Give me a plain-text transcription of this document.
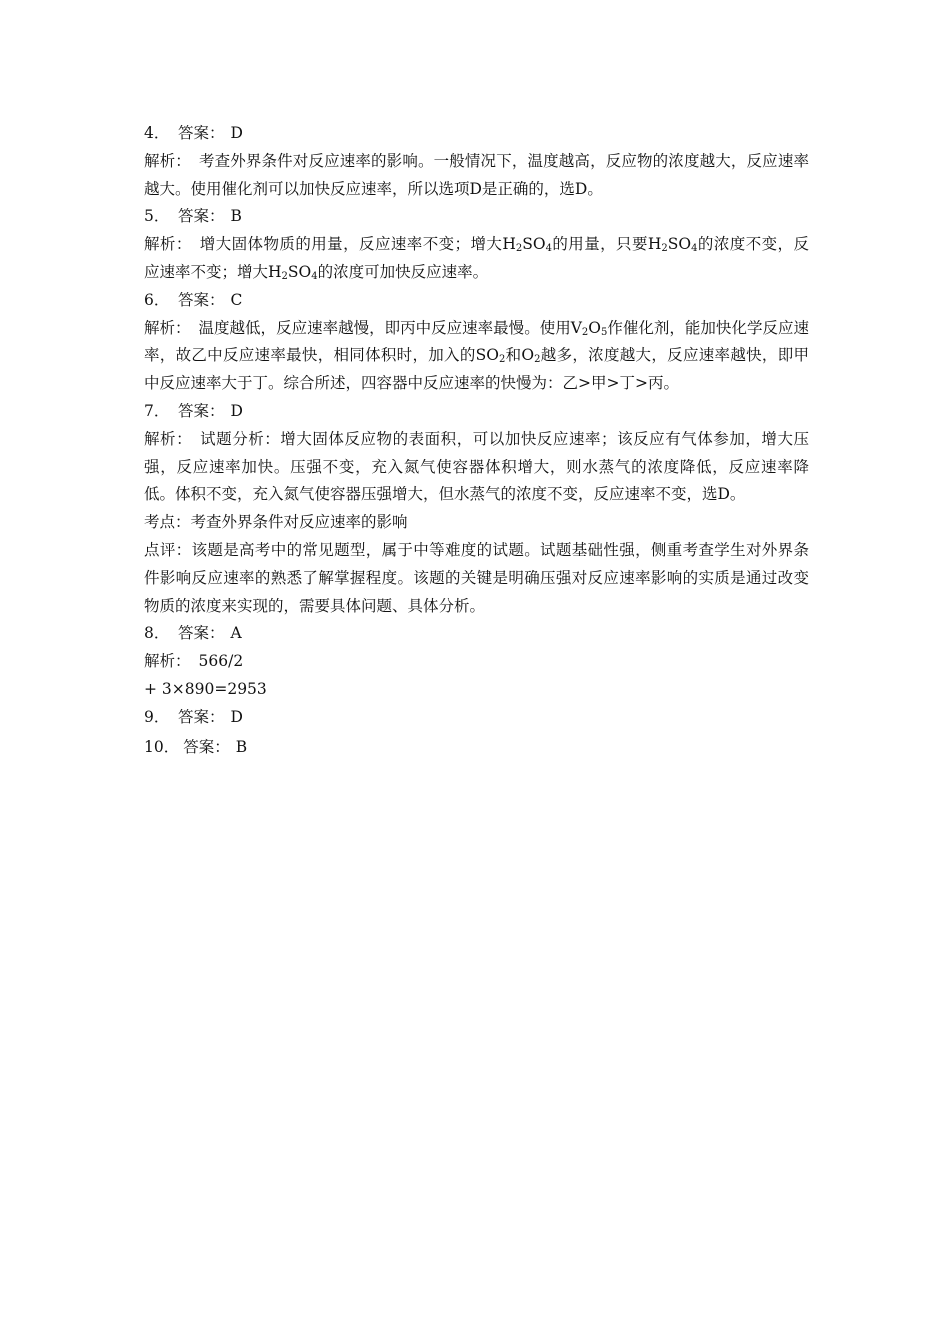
4． 答案： D

解析： 考查外界条件对反应速率的影响。一般情况下，温度越高，反应物的浓度越大，反应速率越大。使用催化剂可以加快反应速率，所以选项D是正确的，选D。

5． 答案： B

解析： 增大固体物质的用量，反应速率不变；增大$H_2SO_4$的用量，只要$H_2SO_4$的浓度不变，反应速率不变；增大$H_2SO_4$的浓度可加快反应速率。

6． 答案： C

解析： 温度越低，反应速率越慢，即丙中反应速率最慢。使用$V_2O_5$作催化剂，能加快化学反应速率，故乙中反应速率最快，相同体积时，加入的$SO_2$和$O_2$越多，浓度越大，反应速率越快，即甲中反应速率大于丁。综合所述，四容器中反应速率的快慢为：乙>甲>丁>丙。

7． 答案： D

解析： 试题分析：增大固体反应物的表面积，可以加快反应速率；该反应有气体参加，增大压强，反应速率加快。压强不变，充入氮气使容器体积增大，则水蒸气的浓度降低，反应速率降低。体积不变，充入氮气使容器压强增大，但水蒸气的浓度不变，反应速率不变，选D。

考点：考查外界条件对反应速率的影响

点评：该题是高考中的常见题型，属于中等难度的试题。试题基础性强，侧重考查学生对外界条件影响反应速率的熟悉了解掌握程度。该题的关键是明确压强对反应速率影响的实质是通过改变物质的浓度来实现的，需要具体问题、具体分析。

8． 答案： A

解析： 566/2

+ 3×890=2953

9． 答案： D
10． 答案： B
